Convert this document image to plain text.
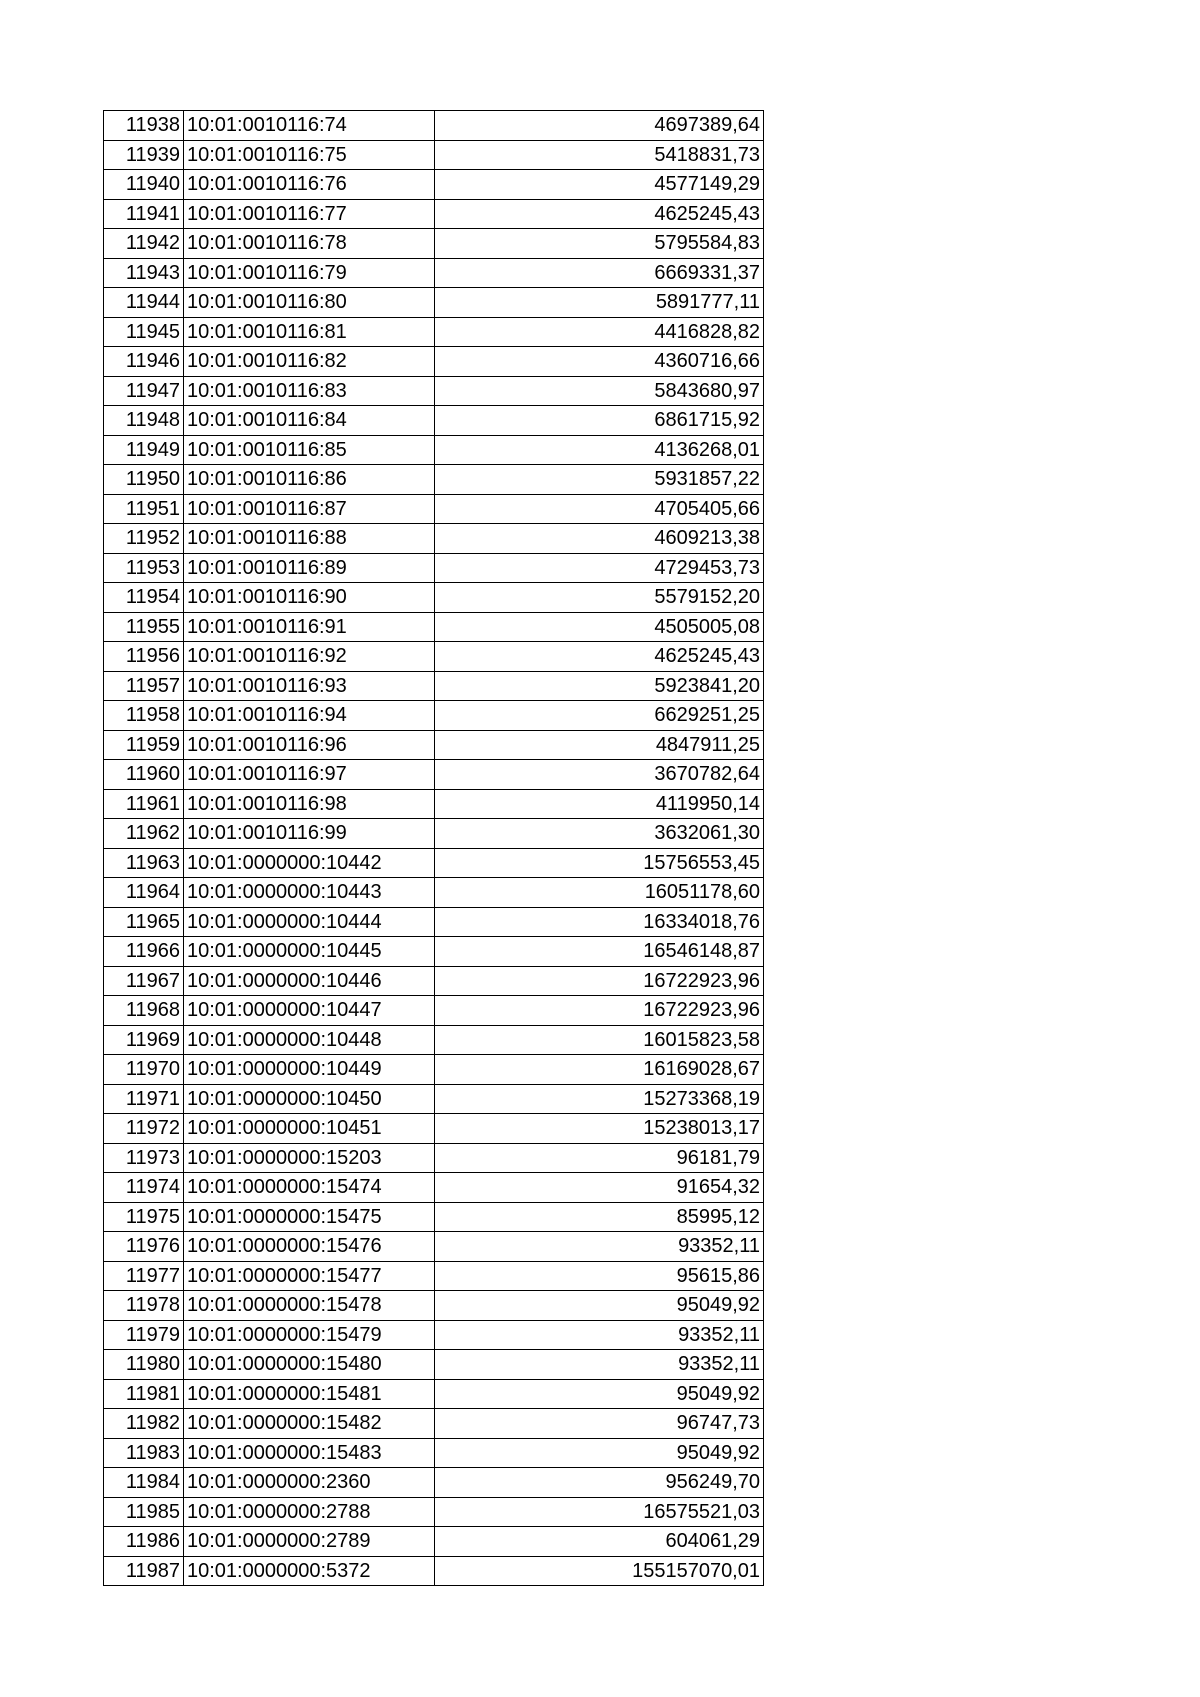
11938	10:01:0010116:74	4697389,64
11939	10:01:0010116:75	5418831,73
11940	10:01:0010116:76	4577149,29
11941	10:01:0010116:77	4625245,43
11942	10:01:0010116:78	5795584,83
11943	10:01:0010116:79	6669331,37
11944	10:01:0010116:80	5891777,11
11945	10:01:0010116:81	4416828,82
11946	10:01:0010116:82	4360716,66
11947	10:01:0010116:83	5843680,97
11948	10:01:0010116:84	6861715,92
11949	10:01:0010116:85	4136268,01
11950	10:01:0010116:86	5931857,22
11951	10:01:0010116:87	4705405,66
11952	10:01:0010116:88	4609213,38
11953	10:01:0010116:89	4729453,73
11954	10:01:0010116:90	5579152,20
11955	10:01:0010116:91	4505005,08
11956	10:01:0010116:92	4625245,43
11957	10:01:0010116:93	5923841,20
11958	10:01:0010116:94	6629251,25
11959	10:01:0010116:96	4847911,25
11960	10:01:0010116:97	3670782,64
11961	10:01:0010116:98	4119950,14
11962	10:01:0010116:99	3632061,30
11963	10:01:0000000:10442	15756553,45
11964	10:01:0000000:10443	16051178,60
11965	10:01:0000000:10444	16334018,76
11966	10:01:0000000:10445	16546148,87
11967	10:01:0000000:10446	16722923,96
11968	10:01:0000000:10447	16722923,96
11969	10:01:0000000:10448	16015823,58
11970	10:01:0000000:10449	16169028,67
11971	10:01:0000000:10450	15273368,19
11972	10:01:0000000:10451	15238013,17
11973	10:01:0000000:15203	96181,79
11974	10:01:0000000:15474	91654,32
11975	10:01:0000000:15475	85995,12
11976	10:01:0000000:15476	93352,11
11977	10:01:0000000:15477	95615,86
11978	10:01:0000000:15478	95049,92
11979	10:01:0000000:15479	93352,11
11980	10:01:0000000:15480	93352,11
11981	10:01:0000000:15481	95049,92
11982	10:01:0000000:15482	96747,73
11983	10:01:0000000:15483	95049,92
11984	10:01:0000000:2360	956249,70
11985	10:01:0000000:2788	16575521,03
11986	10:01:0000000:2789	604061,29
11987	10:01:0000000:5372	155157070,01
